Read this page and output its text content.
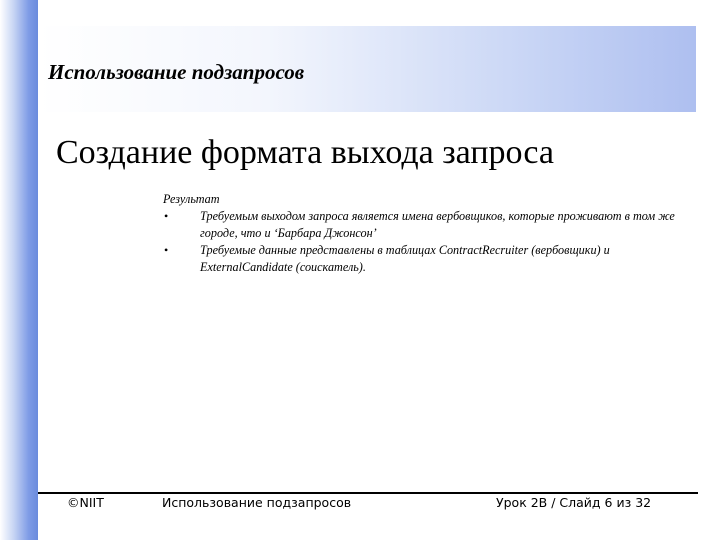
Использование подзапросов
Создание формата выхода запроса
Результат
•	Требуемым выходом запроса является имена вербовщиков, которые проживают в том же городе, что и ‘Барбара Джонсон’
•	Требуемые данные представлены в таблицах ContractRecruiter (вербовщики) и ExternalCandidate (соискатель).
©NIIT	Использование подзапросов	Урок 2В / Слайд 6 из 32
